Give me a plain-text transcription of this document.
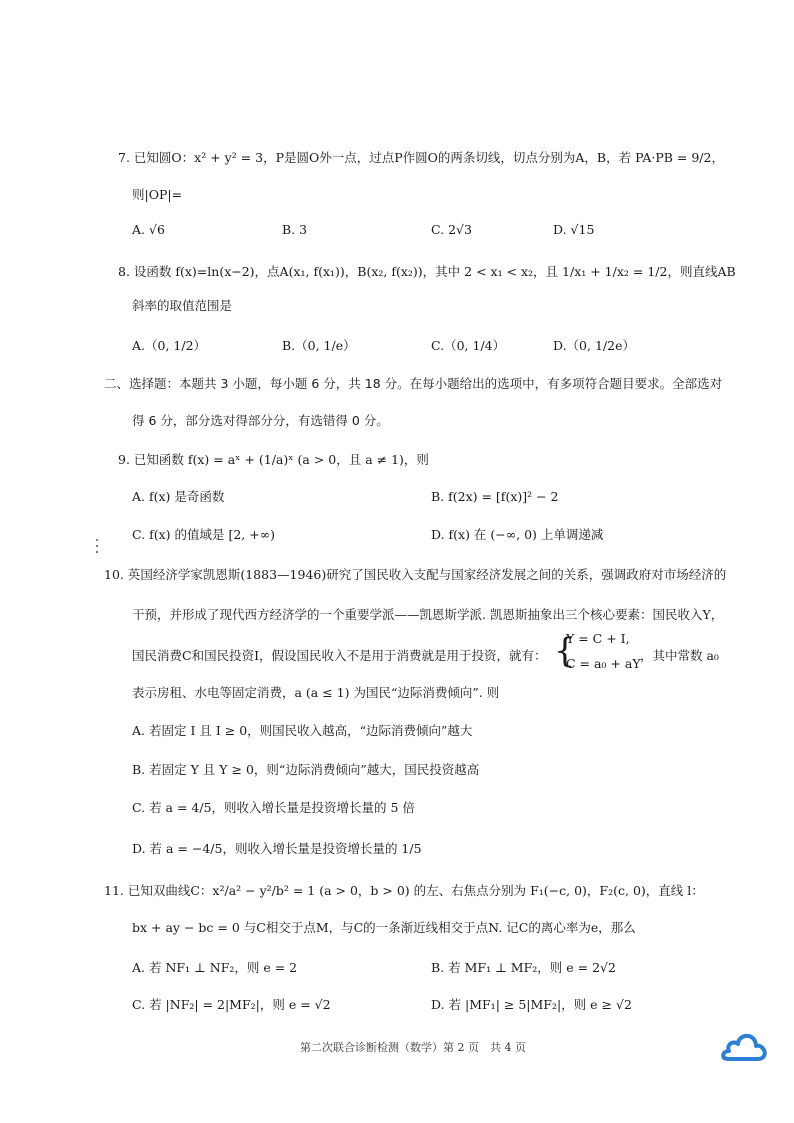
7. 已知圆O：x² + y² = 3，P是圆O外一点，过点P作圆O的两条切线，切点分别为A，B，若 PA·PB = 9/2，
则|OP|=
A. √6	B. 3	C. 2√3	D. √15
8. 设函数 f(x)=ln(x−2)，点A(x₁, f(x₁))，B(x₂, f(x₂))，其中 2 < x₁ < x₂，且 1/x₁ + 1/x₂ = 1/2，则直线AB
斜率的取值范围是
A.（0, 1/2）	B.（0, 1/e）	C.（0, 1/4）	D.（0, 1/2e）
二、选择题：本题共 3 小题，每小题 6 分，共 18 分。在每小题给出的选项中，有多项符合题目要求。全部选对
得 6 分，部分选对得部分分，有选错得 0 分。
9. 已知函数 f(x) = aˣ + (1/a)ˣ (a > 0，且 a ≠ 1)，则
A. f(x) 是奇函数	B. f(2x) = [f(x)]² − 2
C. f(x) 的值域是 [2, +∞)	D. f(x) 在 (−∞, 0) 上单调递减
10. 英国经济学家凯恩斯(1883—1946)研究了国民收入支配与国家经济发展之间的关系，强调政府对市场经济的
干预，并形成了现代西方经济学的一个重要学派——凯恩斯学派. 凯恩斯抽象出三个核心要素：国民收入Y，
国民消费C和国民投资I，假设国民收入不是用于消费就是用于投资，就有： {
Y = C + I,
C = a₀ + aY
，其中常数 a₀
表示房租、水电等固定消费，a (a ≤ 1) 为国民“边际消费倾向”. 则
A. 若固定 I 且 I ≥ 0，则国民收入越高，“边际消费倾向”越大
B. 若固定 Y 且 Y ≥ 0，则“边际消费倾向”越大，国民投资越高
C. 若 a = 4/5，则收入增长量是投资增长量的 5 倍
D. 若 a = −4/5，则收入增长量是投资增长量的 1/5
11. 已知双曲线C：x²/a² − y²/b² = 1 (a > 0，b > 0) 的左、右焦点分别为 F₁(−c, 0)，F₂(c, 0)，直线 l：
bx + ay − bc = 0 与C相交于点M，与C的一条渐近线相交于点N. 记C的离心率为e，那么
A. 若 NF₁ ⊥ NF₂，则 e = 2	B. 若 MF₁ ⊥ MF₂，则 e = 2√2
C. 若 |NF₂| = 2|MF₂|，则 e = √2	D. 若 |MF₁| ≥ 5|MF₂|，则 e ≥ √2
第二次联合诊断检测（数学）第 2 页　共 4 页
